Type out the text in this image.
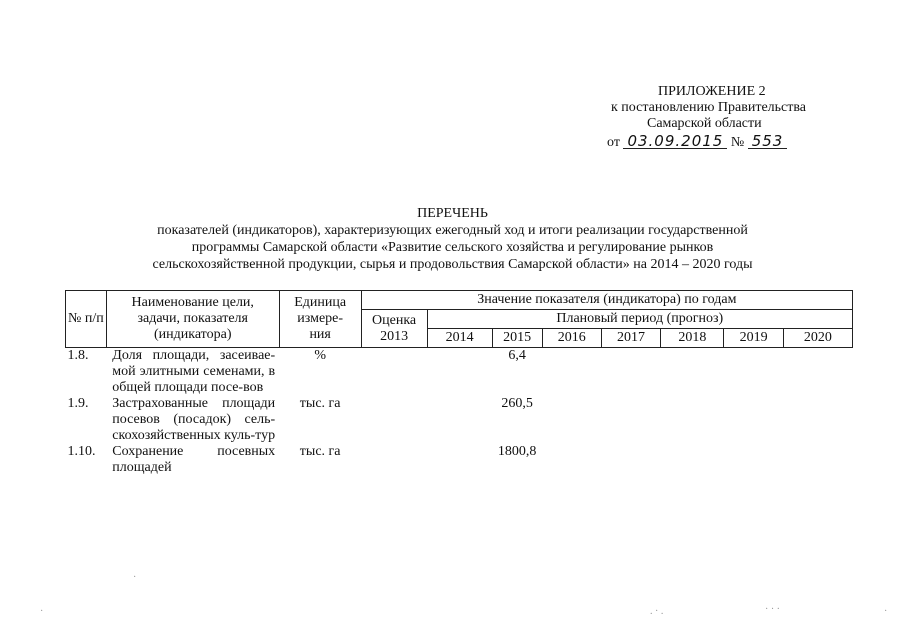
ПРИЛОЖЕНИЕ 2
к постановлению Правительства
Самарской области
от 03.09.2015 № 553
ПЕРЕЧЕНЬ
показателей (индикаторов), характеризующих ежегодный ход и итоги реализации государственной
программы Самарской области «Развитие сельского хозяйства и регулирование рынков
сельскохозяйственной продукции, сырья и продовольствия Самарской области» на 2014 – 2020 годы
№ п/п	Наименование цели, задачи, показателя (индикатора)	Единица измере-ния	Значение показателя (индикатора) по годам							
			Оценка 2013	Плановый период (прогноз)						
				2014	2015	2016	2017	2018	2019	2020
1.8.	Доля площади, засеивае-мой элитными семенами, в общей площади посе-вов	%			6,4					
1.9.	Застрахованные площади посевов (посадок) сель-скохозяйственных куль-тур	тыс. га			260,5					
1.10.	Сохранение посевных площадей	тыс. га			1800,8					
·
·	. · .	· · ·	·
